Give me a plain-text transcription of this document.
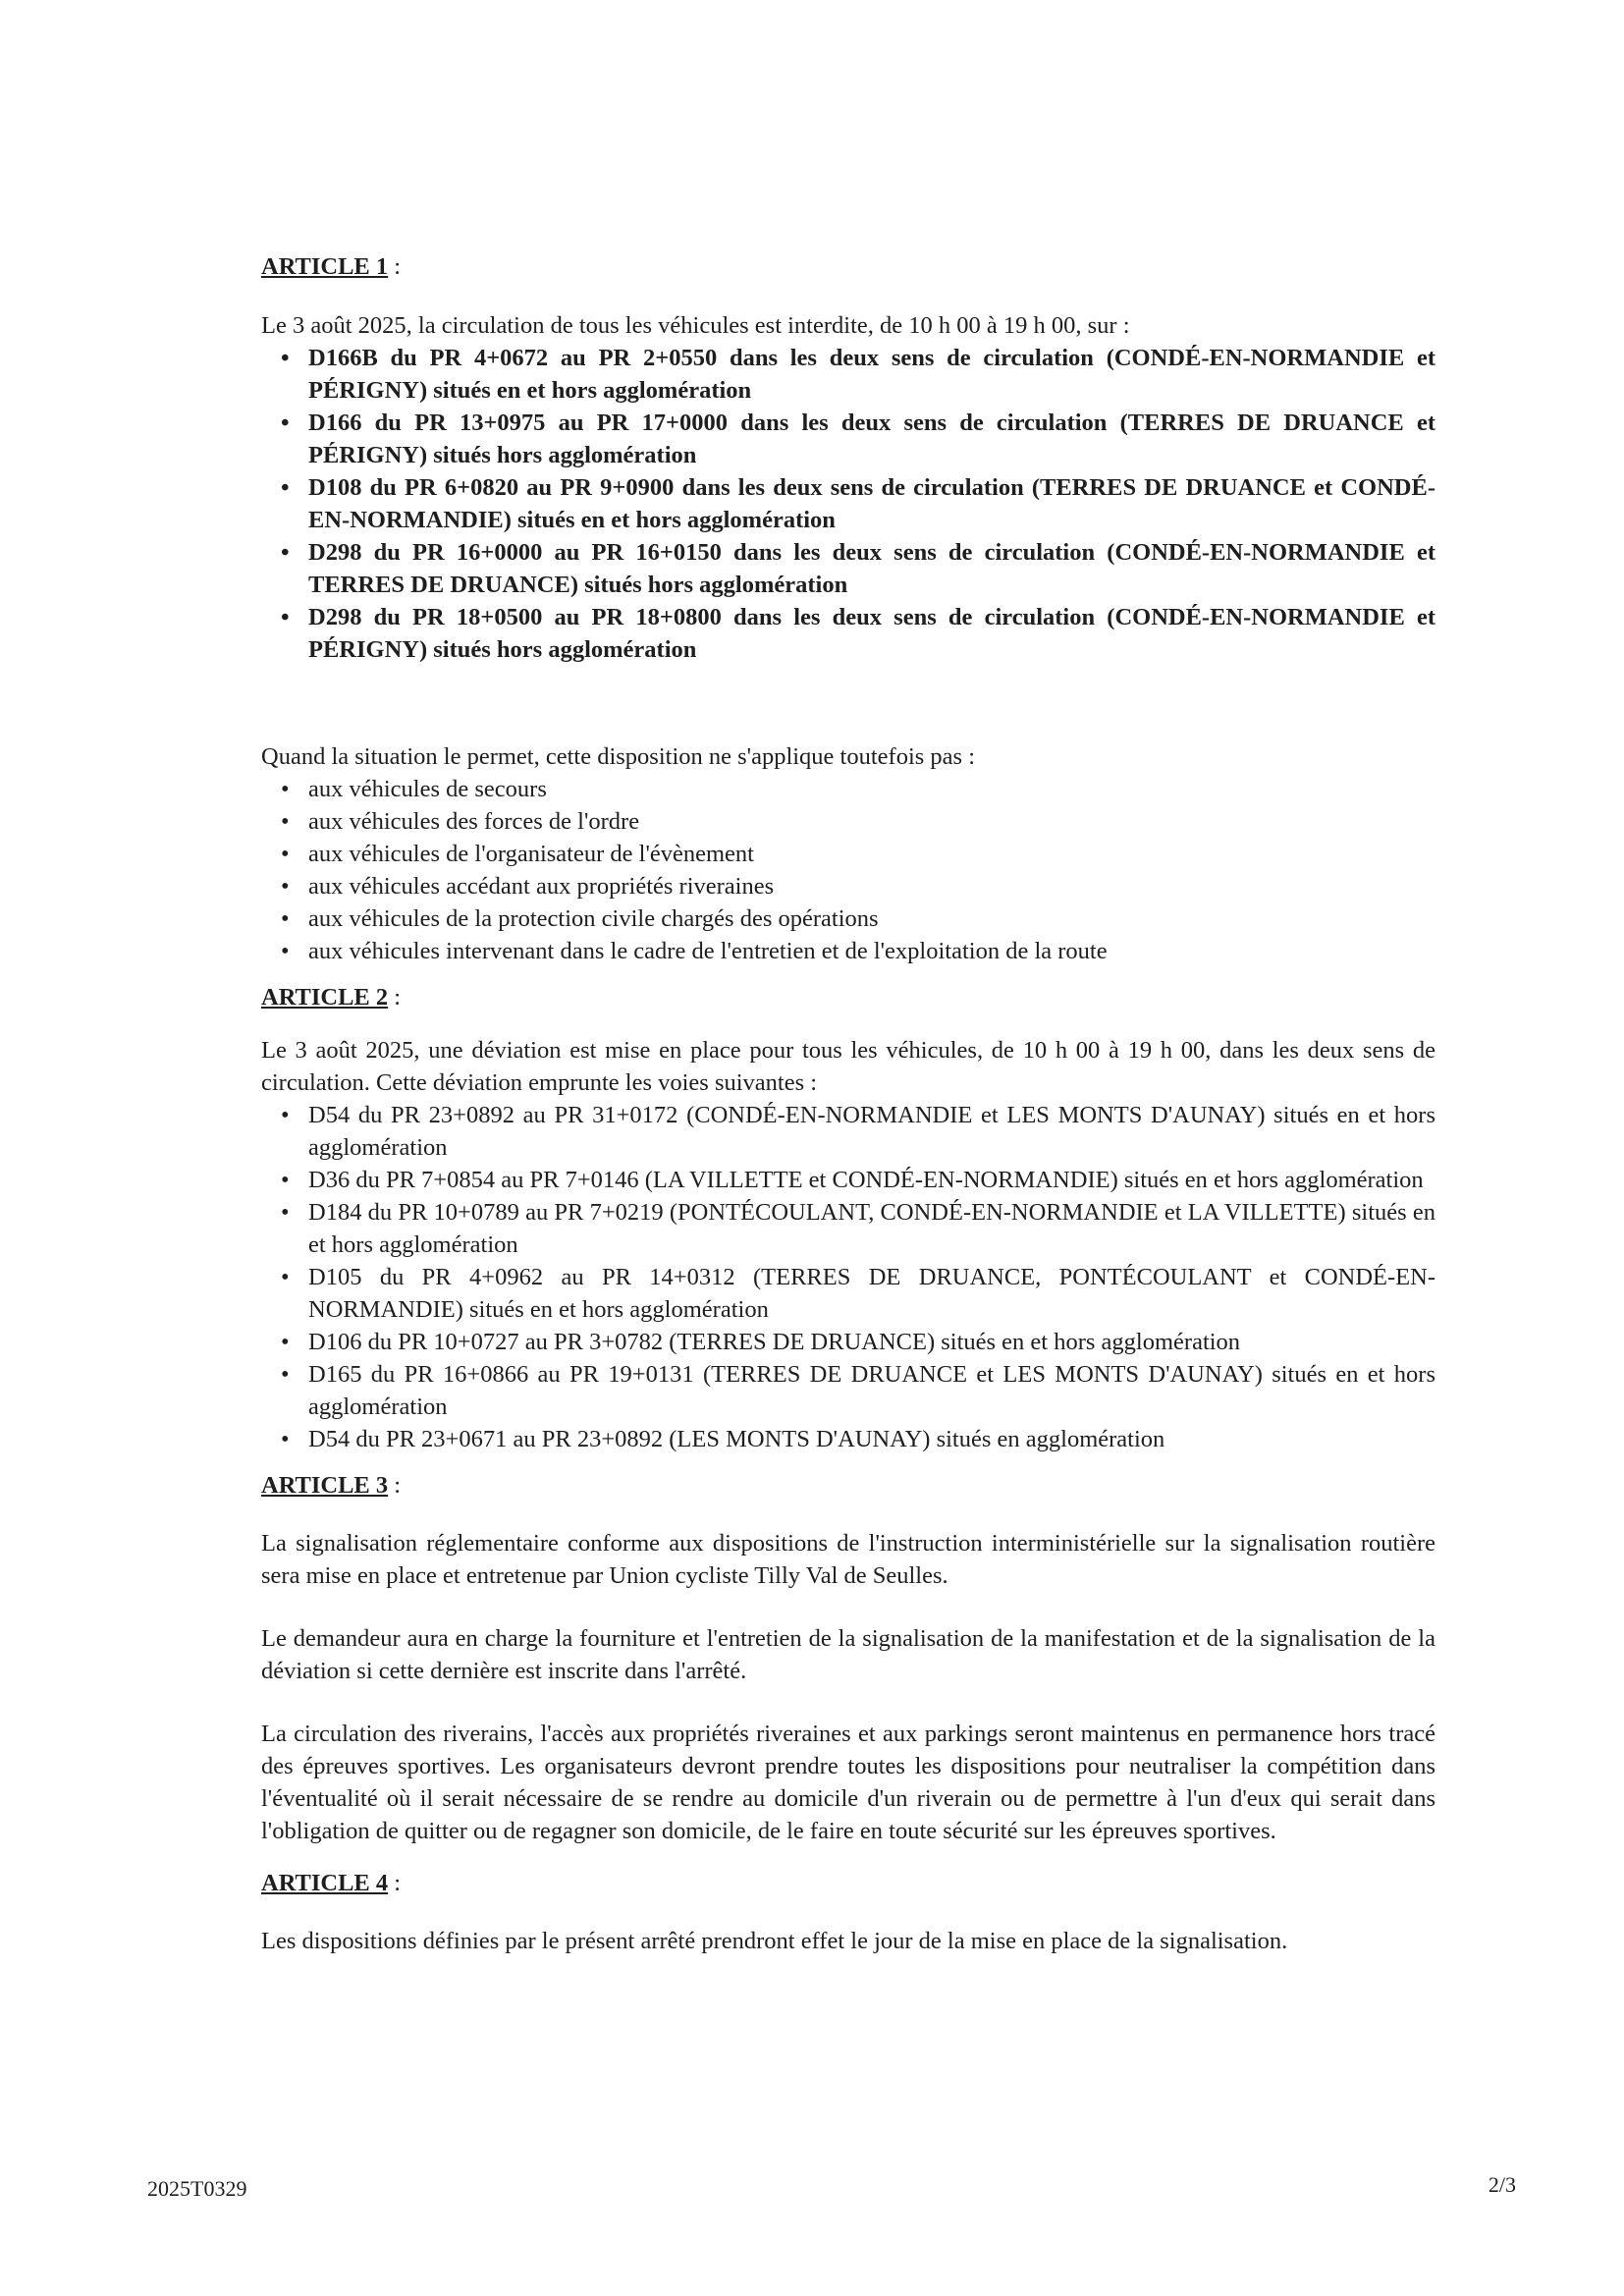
ARTICLE 1 :

Le 3 août 2025, la circulation de tous les véhicules est interdite, de 10 h 00 à 19 h 00, sur :

• D166B du PR 4+0672 au PR 2+0550 dans les deux sens de circulation (CONDÉ-EN-NORMANDIE et PÉRIGNY) situés en et hors agglomération
• D166 du PR 13+0975 au PR 17+0000 dans les deux sens de circulation (TERRES DE DRUANCE et PÉRIGNY) situés hors agglomération
• D108 du PR 6+0820 au PR 9+0900 dans les deux sens de circulation (TERRES DE DRUANCE et CONDÉ-EN-NORMANDIE) situés en et hors agglomération
• D298 du PR 16+0000 au PR 16+0150 dans les deux sens de circulation (CONDÉ-EN-NORMANDIE et TERRES DE DRUANCE) situés hors agglomération
• D298 du PR 18+0500 au PR 18+0800 dans les deux sens de circulation (CONDÉ-EN-NORMANDIE et PÉRIGNY) situés hors agglomération

Quand la situation le permet, cette disposition ne s'applique toutefois pas :

• aux véhicules de secours
• aux véhicules des forces de l'ordre
• aux véhicules de l'organisateur de l'évènement
• aux véhicules accédant aux propriétés riveraines
• aux véhicules de la protection civile chargés des opérations
• aux véhicules intervenant dans le cadre de l'entretien et de l'exploitation de la route
ARTICLE 2 :

Le 3 août 2025, une déviation est mise en place pour tous les véhicules, de 10 h 00 à 19 h 00, dans les deux sens de circulation. Cette déviation emprunte les voies suivantes :

• D54 du PR 23+0892 au PR 31+0172 (CONDÉ-EN-NORMANDIE et LES MONTS D'AUNAY) situés en et hors agglomération
• D36 du PR 7+0854 au PR 7+0146 (LA VILLETTE et CONDÉ-EN-NORMANDIE) situés en et hors agglomération
• D184 du PR 10+0789 au PR 7+0219 (PONTÉCOULANT, CONDÉ-EN-NORMANDIE et LA VILLETTE) situés en et hors agglomération
• D105 du PR 4+0962 au PR 14+0312 (TERRES DE DRUANCE, PONTÉCOULANT et CONDÉ-EN-NORMANDIE) situés en et hors agglomération
• D106 du PR 10+0727 au PR 3+0782 (TERRES DE DRUANCE) situés en et hors agglomération
• D165 du PR 16+0866 au PR 19+0131 (TERRES DE DRUANCE et LES MONTS D'AUNAY) situés en et hors agglomération
• D54 du PR 23+0671 au PR 23+0892 (LES MONTS D'AUNAY) situés en agglomération
ARTICLE 3 :

La signalisation réglementaire conforme aux dispositions de l'instruction interministérielle sur la signalisation routière sera mise en place et entretenue par Union cycliste Tilly Val de Seulles.

Le demandeur aura en charge la fourniture et l'entretien de la signalisation de la manifestation et de la signalisation de la déviation si cette dernière est inscrite dans l'arrêté.

La circulation des riverains, l'accès aux propriétés riveraines et aux parkings seront maintenus en permanence hors tracé des épreuves sportives. Les organisateurs devront prendre toutes les dispositions pour neutraliser la compétition dans l'éventualité où il serait nécessaire de se rendre au domicile d'un riverain ou de permettre à l'un d'eux qui serait dans l'obligation de quitter ou de regagner son domicile, de le faire en toute sécurité sur les épreuves sportives.

ARTICLE 4 :

Les dispositions définies par le présent arrêté prendront effet le jour de la mise en place de la signalisation.

2025T0329	2/3
